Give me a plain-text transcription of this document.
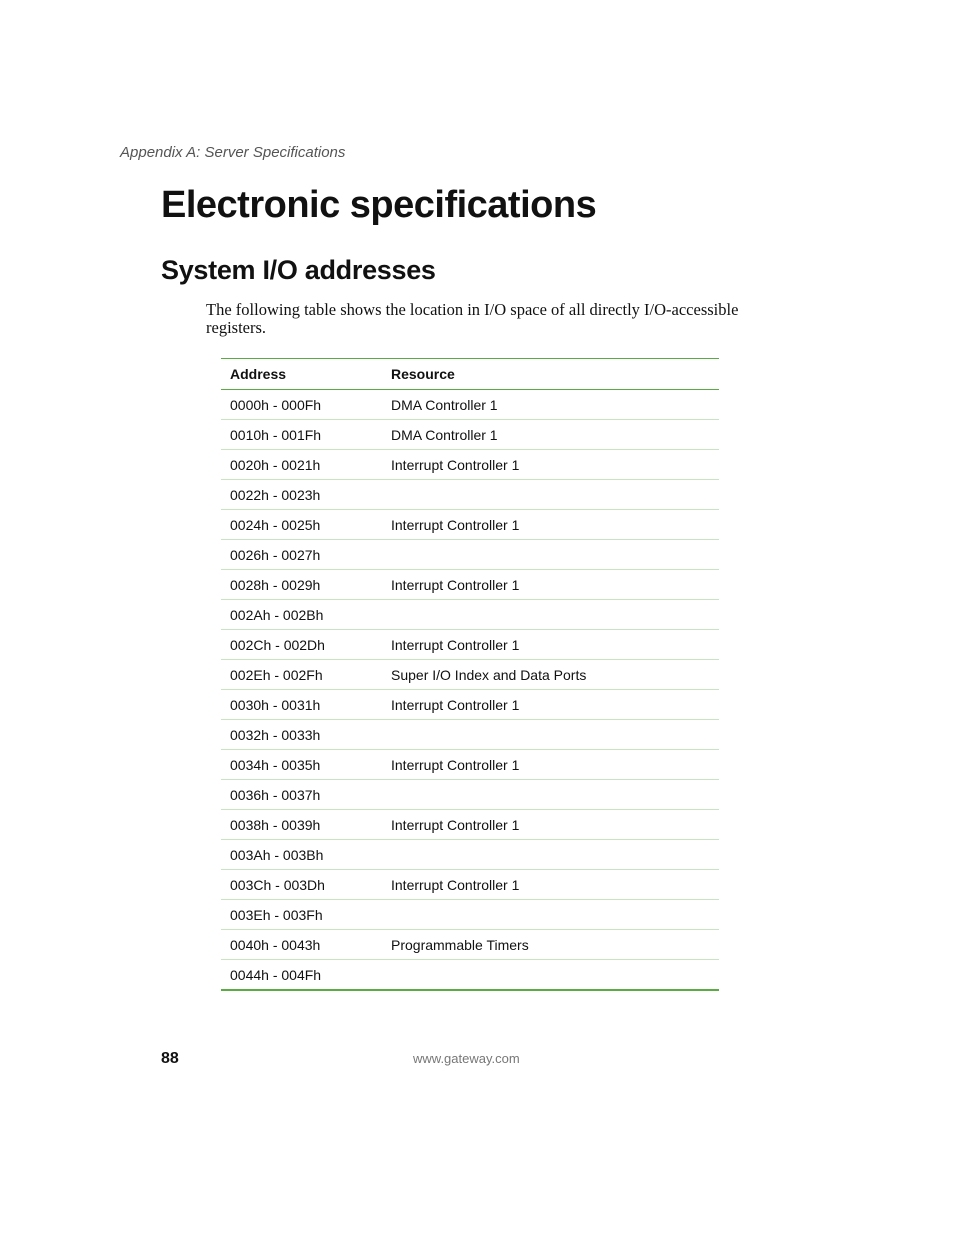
Appendix A: Server Specifications
Electronic specifications
System I/O addresses

The following table shows the location in I/O space of all directly I/O-accessible registers.

Address	Resource
0000h - 000Fh	DMA Controller 1
0010h - 001Fh	DMA Controller 1
0020h - 0021h	Interrupt Controller 1
0022h - 0023h	
0024h - 0025h	Interrupt Controller 1
0026h - 0027h	
0028h - 0029h	Interrupt Controller 1
002Ah - 002Bh	
002Ch - 002Dh	Interrupt Controller 1
002Eh - 002Fh	Super I/O Index and Data Ports
0030h - 0031h	Interrupt Controller 1
0032h - 0033h	
0034h - 0035h	Interrupt Controller 1
0036h - 0037h	
0038h - 0039h	Interrupt Controller 1
003Ah - 003Bh	
003Ch - 003Dh	Interrupt Controller 1
003Eh - 003Fh	
0040h - 0043h	Programmable Timers
0044h - 004Fh	
88	www.gateway.com
